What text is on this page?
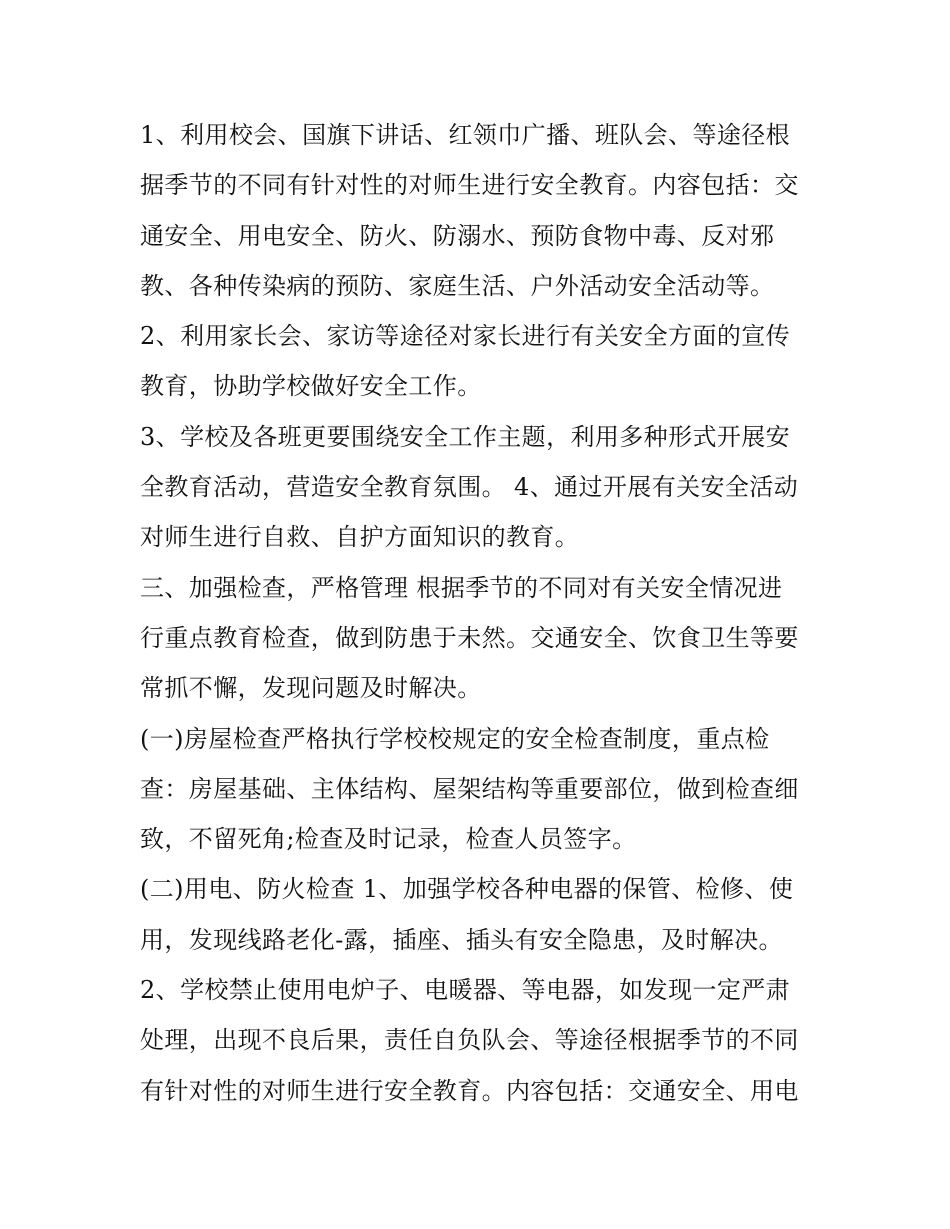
1、利用校会、国旗下讲话、红领巾广播、班队会、等途径根
据季节的不同有针对性的对师生进行安全教育。内容包括：交
通安全、用电安全、防火、防溺水、预防食物中毒、反对邪
教、各种传染病的预防、家庭生活、户外活动安全活动等。
2、利用家长会、家访等途径对家长进行有关安全方面的宣传
教育，协助学校做好安全工作。
3、学校及各班更要围绕安全工作主题，利用多种形式开展安
全教育活动，营造安全教育氛围。 4、通过开展有关安全活动
对师生进行自救、自护方面知识的教育。
三、加强检查，严格管理 根据季节的不同对有关安全情况进
行重点教育检查，做到防患于未然。交通安全、饮食卫生等要
常抓不懈，发现问题及时解决。
(一)房屋检查严格执行学校校规定的安全检查制度，重点检
查：房屋基础、主体结构、屋架结构等重要部位，做到检查细
致，不留死角;检查及时记录，检查人员签字。
(二)用电、防火检查 1、加强学校各种电器的保管、检修、使
用，发现线路老化-露，插座、插头有安全隐患，及时解决。
2、学校禁止使用电炉子、电暖器、等电器，如发现一定严肃
处理，出现不良后果，责任自负队会、等途径根据季节的不同
有针对性的对师生进行安全教育。内容包括：交通安全、用电
